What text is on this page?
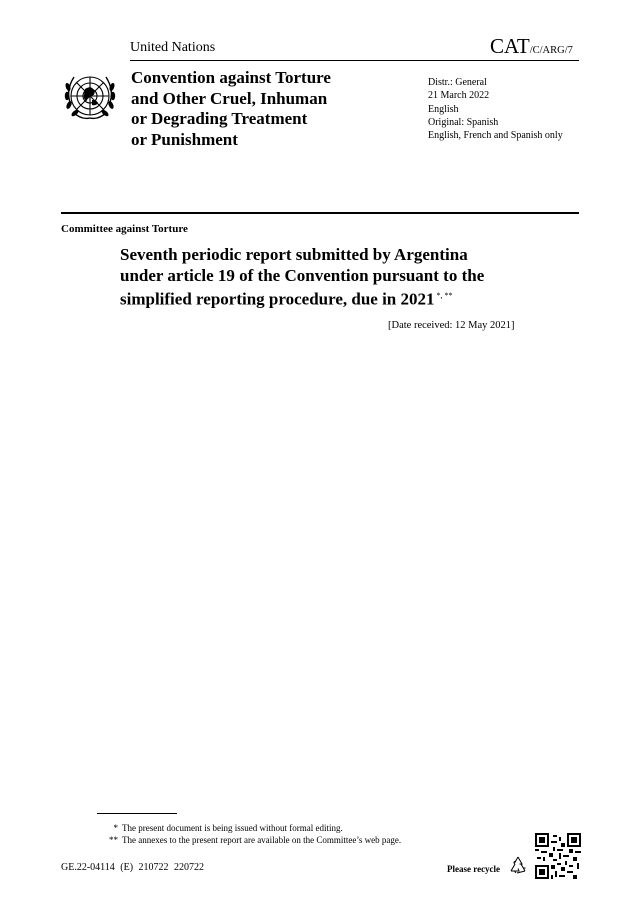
United Nations	CAT/C/ARG/7
Convention against Torture
and Other Cruel, Inhuman
or Degrading Treatment
or Punishment
Distr.: General
21 March 2022
English
Original: Spanish
English, French and Spanish only
Committee against Torture
Seventh periodic report submitted by Argentina
under article 19 of the Convention pursuant to the
simplified reporting procedure, due in 2021 *, **
[Date received: 12 May 2021]
* The present document is being issued without formal editing.
** The annexes to the present report are available on the Committee’s web page.
GE.22-04114 (E) 210722 220722	Please recycle
